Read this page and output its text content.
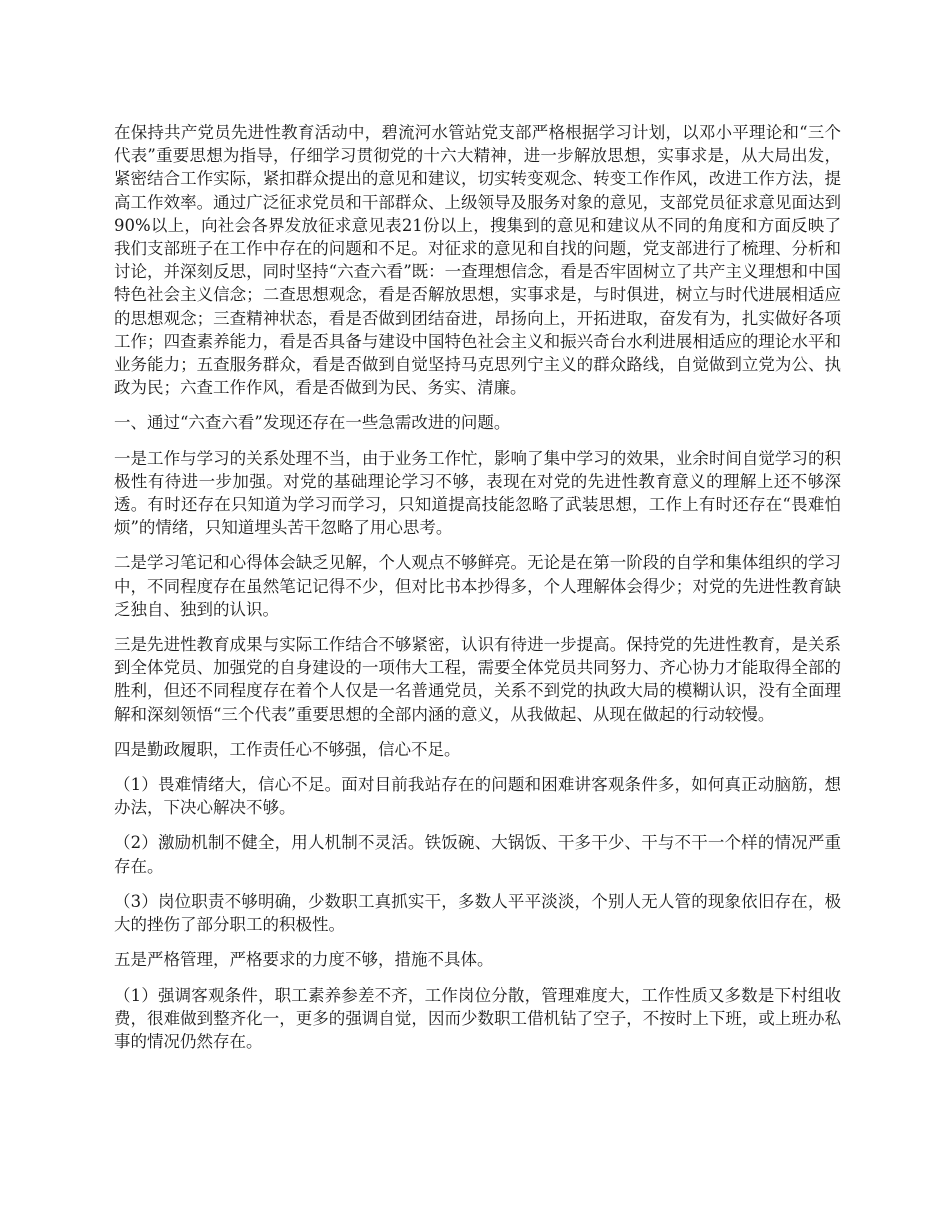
在保持共产党员先进性教育活动中，碧流河水管站党支部严格根据学习计划，以邓小平理论和“三个代表”重要思想为指导，仔细学习贯彻党的十六大精神，进一步解放思想，实事求是，从大局出发，紧密结合工作实际，紧扣群众提出的意见和建议，切实转变观念、转变工作作风，改进工作方法，提高工作效率。通过广泛征求党员和干部群众、上级领导及服务对象的意见，支部党员征求意见面达到90%以上，向社会各界发放征求意见表21份以上，搜集到的意见和建议从不同的角度和方面反映了我们支部班子在工作中存在的问题和不足。对征求的意见和自找的问题，党支部进行了梳理、分析和讨论，并深刻反思，同时坚持“六查六看”既：一查理想信念，看是否牢固树立了共产主义理想和中国特色社会主义信念；二查思想观念，看是否解放思想，实事求是，与时俱进，树立与时代进展相适应的思想观念；三查精神状态，看是否做到团结奋进，昂扬向上，开拓进取，奋发有为，扎实做好各项工作；四查素养能力，看是否具备与建设中国特色社会主义和振兴奇台水利进展相适应的理论水平和业务能力；五查服务群众，看是否做到自觉坚持马克思列宁主义的群众路线，自觉做到立党为公、执政为民；六查工作作风，看是否做到为民、务实、清廉。

一、通过“六查六看”发现还存在一些急需改进的问题。

一是工作与学习的关系处理不当，由于业务工作忙，影响了集中学习的效果，业余时间自觉学习的积极性有待进一步加强。对党的基础理论学习不够，表现在对党的先进性教育意义的理解上还不够深透。有时还存在只知道为学习而学习，只知道提高技能忽略了武装思想，工作上有时还存在“畏难怕烦”的情绪，只知道埋头苦干忽略了用心思考。

二是学习笔记和心得体会缺乏见解，个人观点不够鲜亮。无论是在第一阶段的自学和集体组织的学习中，不同程度存在虽然笔记记得不少，但对比书本抄得多，个人理解体会得少；对党的先进性教育缺乏独自、独到的认识。

三是先进性教育成果与实际工作结合不够紧密，认识有待进一步提高。保持党的先进性教育，是关系到全体党员、加强党的自身建设的一项伟大工程，需要全体党员共同努力、齐心协力才能取得全部的胜利，但还不同程度存在着个人仅是一名普通党员，关系不到党的执政大局的模糊认识，没有全面理解和深刻领悟“三个代表”重要思想的全部内涵的意义，从我做起、从现在做起的行动较慢。

四是勤政履职，工作责任心不够强，信心不足。

（1）畏难情绪大，信心不足。面对目前我站存在的问题和困难讲客观条件多，如何真正动脑筋，想办法，下决心解决不够。

（2）激励机制不健全，用人机制不灵活。铁饭碗、大锅饭、干多干少、干与不干一个样的情况严重存在。

（3）岗位职责不够明确，少数职工真抓实干，多数人平平淡淡，个别人无人管的现象依旧存在，极大的挫伤了部分职工的积极性。

五是严格管理，严格要求的力度不够，措施不具体。

（1）强调客观条件，职工素养参差不齐，工作岗位分散，管理难度大，工作性质又多数是下村组收费，很难做到整齐化一，更多的强调自觉，因而少数职工借机钻了空子，不按时上下班，或上班办私事的情况仍然存在。
